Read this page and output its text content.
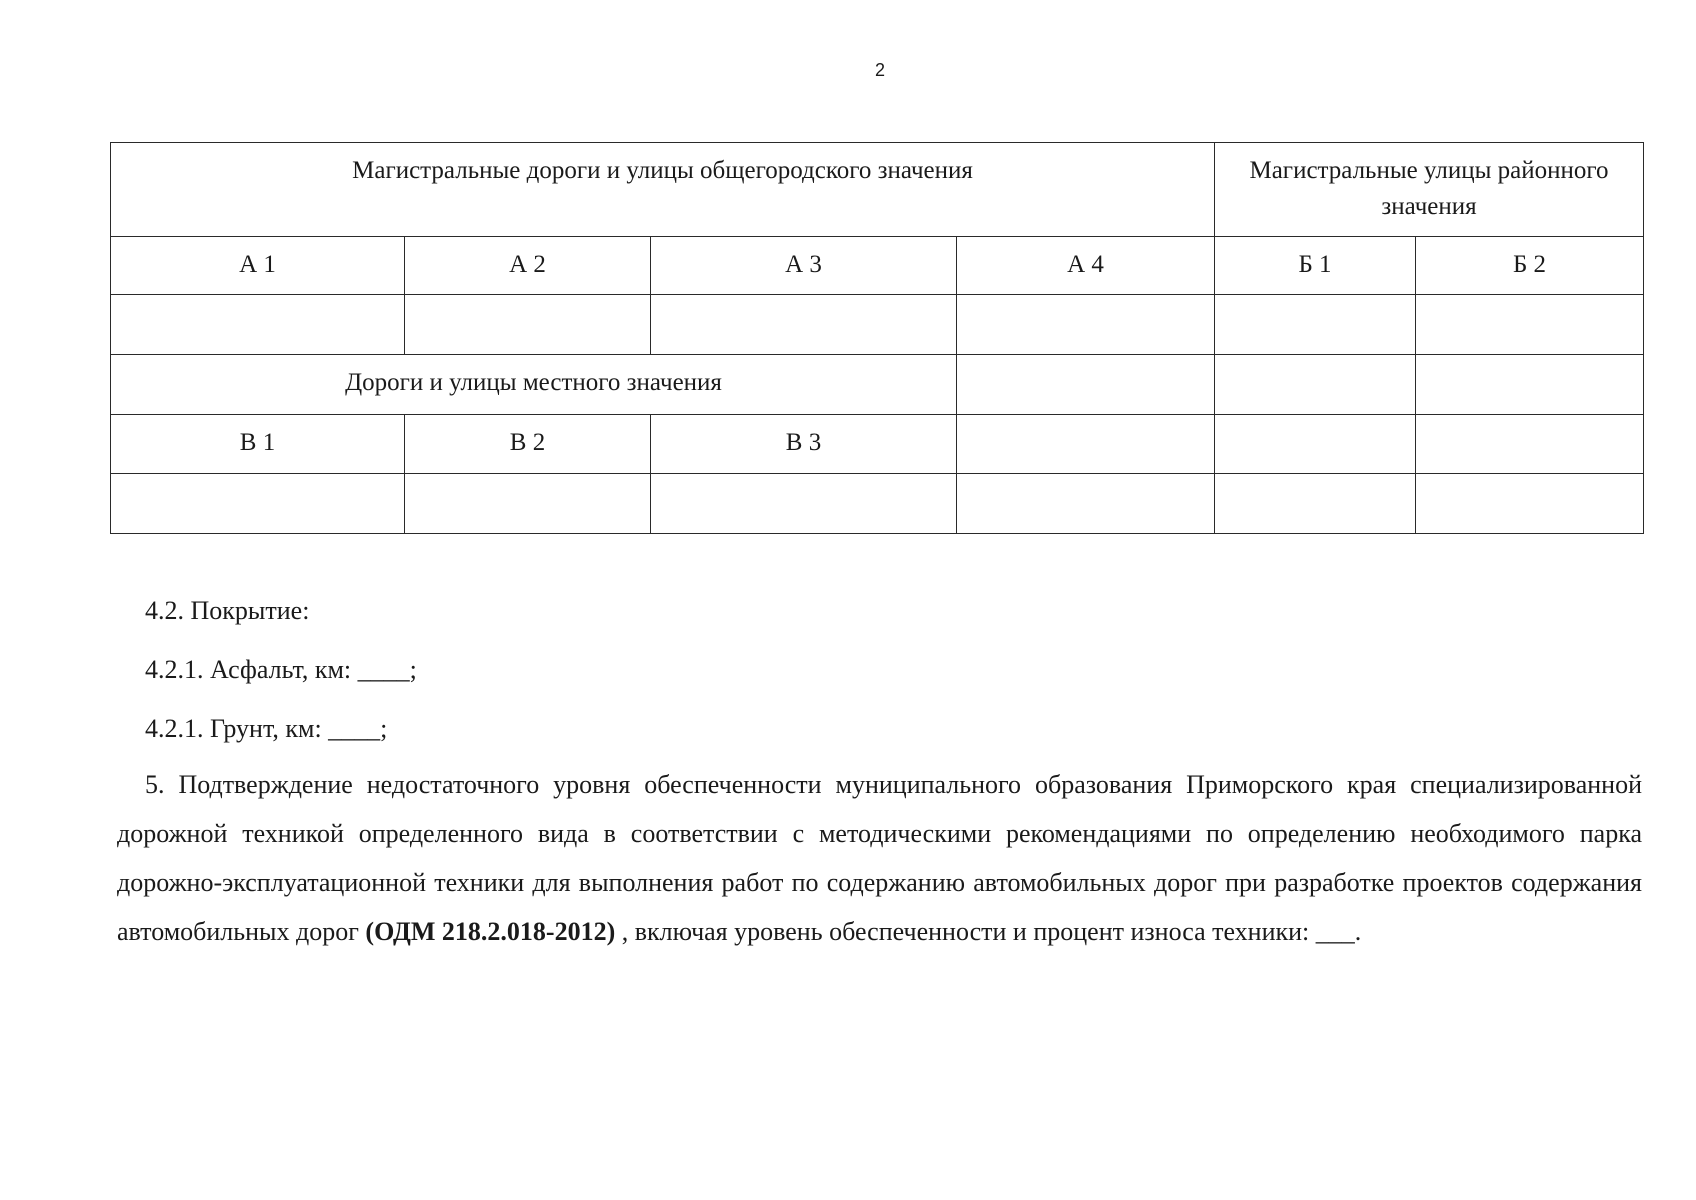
2
Магистральные дороги и улицы общегородского значения				Магистральные улицы районного значения	
А 1	А 2	А 3	А 4	Б 1	Б 2

Дороги и улицы местного значения					
В 1	В 2	В 3			

4.2. Покрытие:
4.2.1. Асфальт, км: ____;
4.2.1. Грунт, км: ____;
5. Подтверждение недостаточного уровня обеспеченности муниципального образования Приморского края специализированной дорожной техникой определенного вида в соответствии с методическими рекомендациями по определению необходимого парка дорожно-эксплуатационной техники для выполнения работ по содержанию автомобильных дорог при разработке проектов содержания автомобильных дорог (ОДМ 218.2.018-2012) , включая уровень обеспеченности и процент износа техники: ___.
